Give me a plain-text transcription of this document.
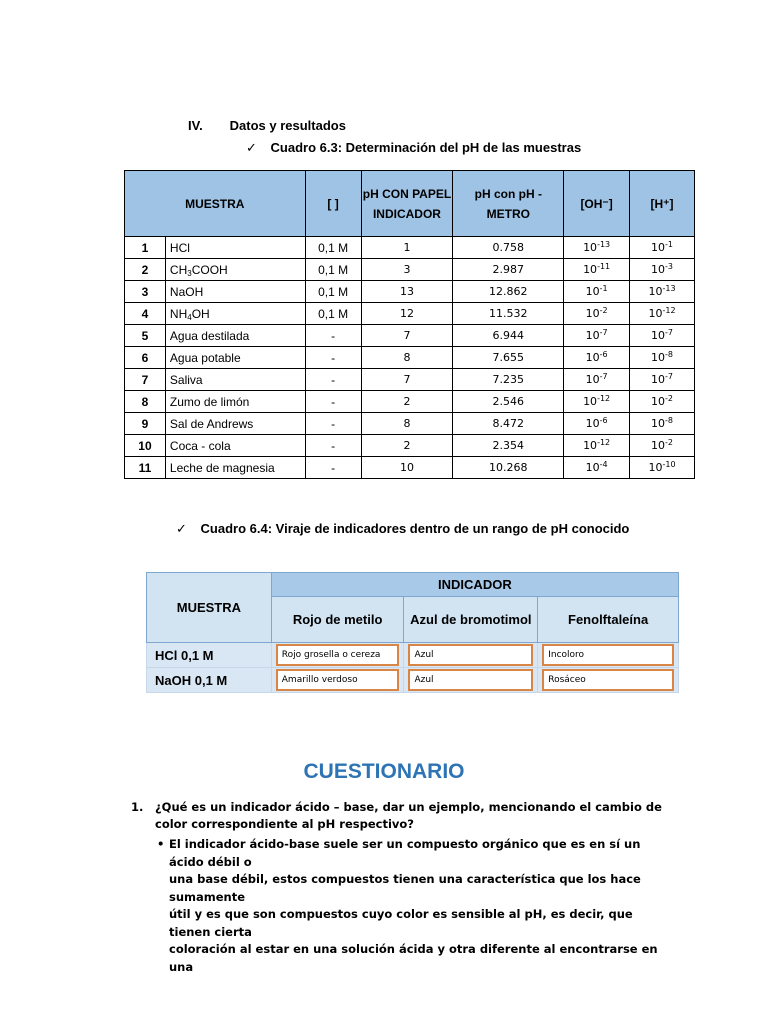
IV. Datos y resultados
✓ Cuadro 6.3: Determinación del pH de las muestras
MUESTRA		[ ]	pH CON PAPEL INDICADOR	pH con pH - METRO	[OH⁻]	[H⁺]
1	HCl	0,1 M	1	0.758	$10^{-13}$	$10^{-1}$
2	$CH_3COOH$	0,1 M	3	2.987	$10^{-11}$	$10^{-3}$
3	NaOH	0,1 M	13	12.862	$10^{-1}$	$10^{-13}$
4	$NH_4OH$	0,1 M	12	11.532	$10^{-2}$	$10^{-12}$
5	Agua destilada	-	7	6.944	$10^{-7}$	$10^{-7}$
6	Agua potable	-	8	7.655	$10^{-6}$	$10^{-8}$
7	Saliva	-	7	7.235	$10^{-7}$	$10^{-7}$
8	Zumo de limón	-	2	2.546	$10^{-12}$	$10^{-2}$
9	Sal de Andrews	-	8	8.472	$10^{-6}$	$10^{-8}$
10	Coca - cola	-	2	2.354	$10^{-12}$	$10^{-2}$
11	Leche de magnesia	-	10	10.268	$10^{-4}$	$10^{-10}$
✓ Cuadro 6.4: Viraje de indicadores dentro de un rango de pH conocido
MUESTRA	INDICADOR		
	Rojo de metilo	Azul de bromotimol	Fenolftaleína
HCl 0,1 M	Rojo grosella o cereza	Azul	Incoloro

NaOH 0,1 M	Amarillo verdoso	Azul	Rosáceo
CUESTIONARIO
1. ¿Qué es un indicador ácido – base, dar un ejemplo, mencionando el cambio de color correspondiente al pH respectivo?
• El indicador ácido-base suele ser un compuesto orgánico que es en sí un ácido débil o
una base débil, estos compuestos tienen una característica que los hace sumamente
útil y es que son compuestos cuyo color es sensible al pH, es decir, que tienen cierta
coloración al estar en una solución ácida y otra diferente al encontrarse en una
